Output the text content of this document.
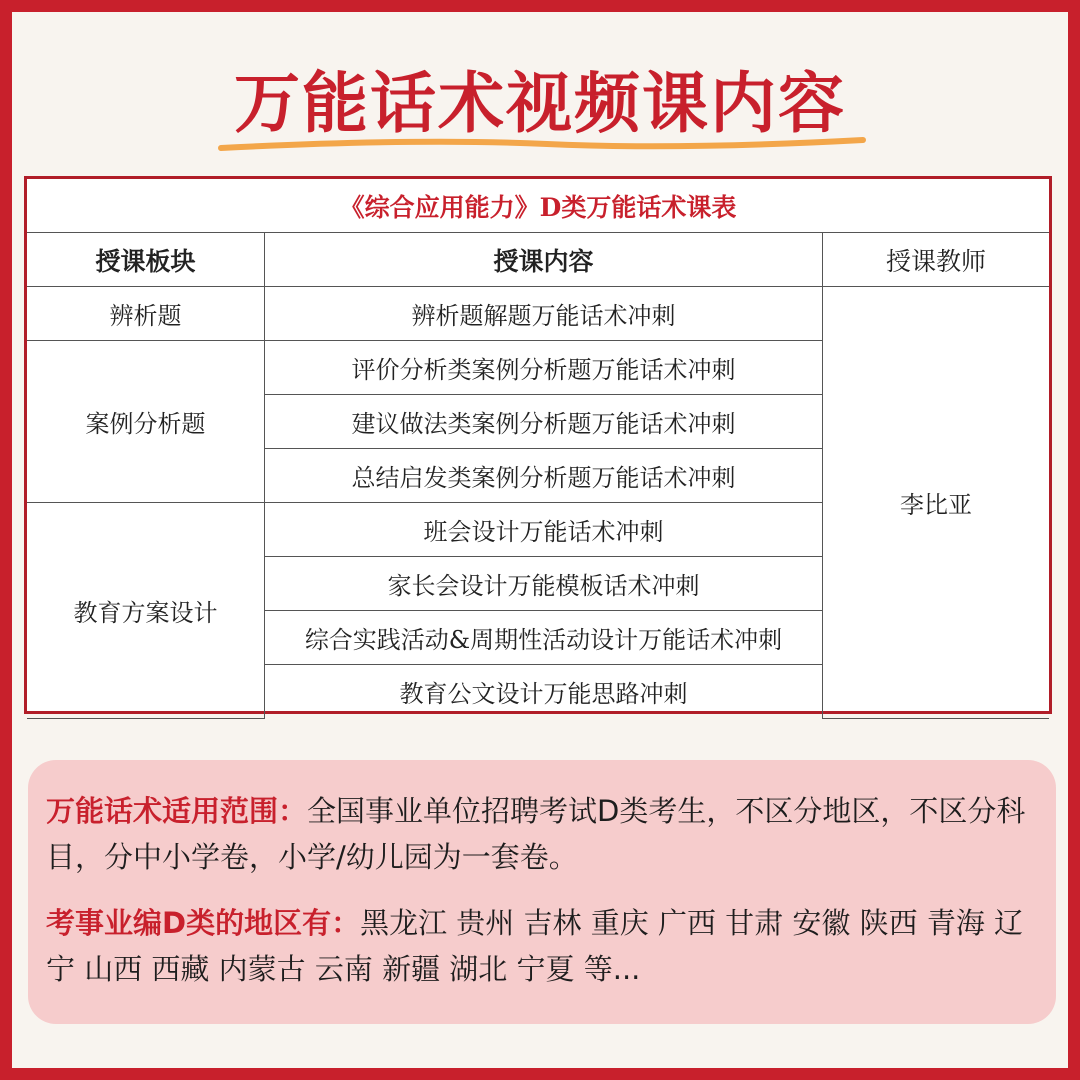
万能话术视频课内容
《综合应用能力》D类万能话术课表		
授课板块	授课内容	授课教师
辨析题	辨析题解题万能话术冲刺	李比亚
案例分析题	评价分析类案例分析题万能话术冲刺	
	建议做法类案例分析题万能话术冲刺	
	总结启发类案例分析题万能话术冲刺	
教育方案设计	班会设计万能话术冲刺	
	家长会设计万能模板话术冲刺	
	综合实践活动&周期性活动设计万能话术冲刺	
	教育公文设计万能思路冲刺	

万能话术适用范围：全国事业单位招聘考试D类考生，不区分地区，不区分科目，分中小学卷，小学/幼儿园为一套卷。

考事业编D类的地区有：黑龙江 贵州 吉林 重庆 广西 甘肃 安徽 陕西 青海 辽宁 山西 西藏 内蒙古 云南 新疆 湖北 宁夏 等...
